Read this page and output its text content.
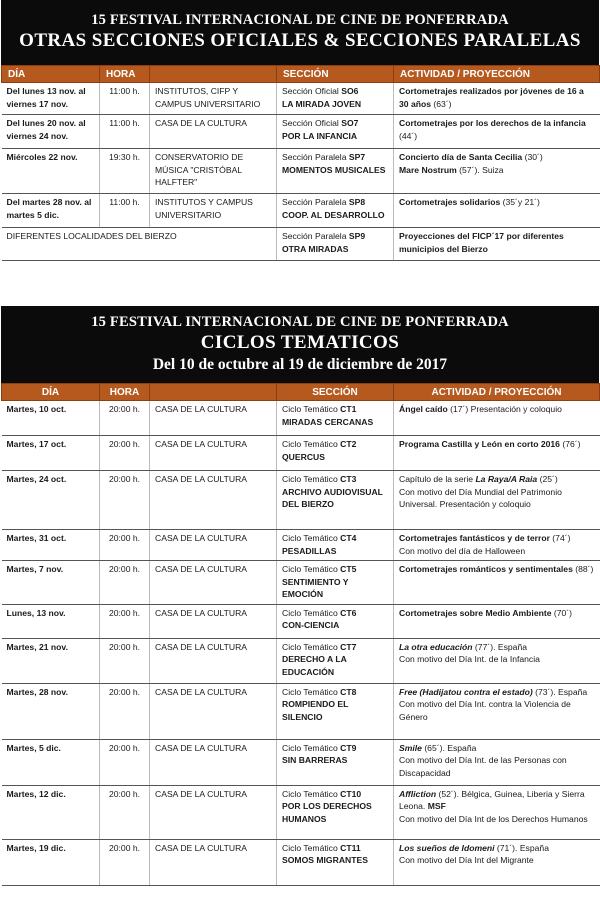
15 FESTIVAL INTERNACIONAL DE CINE DE PONFERRADA
OTRAS SECCIONES OFICIALES & SECCIONES PARALELAS
DÍA	HORA		SECCIÓN	ACTIVIDAD / PROYECCIÓN
Del lunes 13 nov. al viernes 17 nov.	11:00 h.	INSTITUTOS, CIFP Y CAMPUS UNIVERSITARIO	Sección Oficial SO6
LA MIRADA JOVEN	Cortometrajes realizados por jóvenes de 16 a 30 años (63´)

Del lunes 20 nov. al viernes 24 nov.	11:00 h.	CASA DE LA CULTURA	Sección Oficial SO7
POR LA INFANCIA	Cortometrajes por los derechos de la infancia (44´)

Miércoles 22 nov.	19:30 h.	CONSERVATORIO DE MÚSICA "CRISTÓBAL HALFTER"	Sección Paralela SP7
MOMENTOS MUSICALES	Concierto día de Santa Cecilia (30´)
Mare Nostrum (57´). Suiza

Del martes 28 nov. al martes 5 dic.	11:00 h.	INSTITUTOS Y CAMPUS UNIVERSITARIO	Sección Paralela SP8
COOP. AL DESARROLLO	Cortometrajes solidarios (35´y 21´)

DIFERENTES LOCALIDADES DEL BIERZO			Sección Paralela SP9
OTRA MIRADAS	Proyecciones del FICP´17 por diferentes municipios del Bierzo
15 FESTIVAL INTERNACIONAL DE CINE DE PONFERRADA
CICLOS TEMATICOS
Del 10 de octubre al 19 de diciembre de 2017
DÍA	HORA		SECCIÓN	ACTIVIDAD / PROYECCIÓN
Martes, 10 oct.	20:00 h.	CASA DE LA CULTURA	Ciclo Temático CT1
MIRADAS CERCANAS	Ángel caído (17´) Presentación y coloquio

Martes, 17 oct.	20:00 h.	CASA DE LA CULTURA	Ciclo Temático CT2
QUERCUS	Programa Castilla y León en corto 2016 (76´)

Martes, 24 oct.	20:00 h.	CASA DE LA CULTURA	Ciclo Temático CT3
ARCHIVO AUDIOVISUAL DEL BIERZO	Capítulo de la serie La Raya/A Raia (25´)
Con motivo del Día Mundial del Patrimonio Universal. Presentación y coloquio

Martes, 31 oct.	20:00 h.	CASA DE LA CULTURA	Ciclo Temático CT4
PESADILLAS	Cortometrajes fantásticos y de terror (74´)
Con motivo del día de Halloween

Martes, 7 nov.	20:00 h.	CASA DE LA CULTURA	Ciclo Temático CT5
SENTIMIENTO Y EMOCIÓN	Cortometrajes románticos y sentimentales (88´)

Lunes, 13 nov.	20:00 h.	CASA DE LA CULTURA	Ciclo Temático CT6
CON-CIENCIA	Cortometrajes sobre Medio Ambiente (70´)

Martes, 21 nov.	20:00 h.	CASA DE LA CULTURA	Ciclo Temático CT7
DERECHO A LA EDUCACIÓN	La otra educación (77´). España
Con motivo del Día Int. de la Infancia

Martes, 28 nov.	20:00 h.	CASA DE LA CULTURA	Ciclo Temático CT8
ROMPIENDO EL SILENCIO	Free (Hadijatou contra el estado) (73´). España
Con motivo del Día Int. contra la Violencia de Género

Martes, 5 dic.	20:00 h.	CASA DE LA CULTURA	Ciclo Temático CT9
SIN BARRERAS	Smile (65´). España
Con motivo del Día Int. de las Personas con Discapacidad

Martes, 12 dic.	20:00 h.	CASA DE LA CULTURA	Ciclo Temático CT10
POR LOS DERECHOS HUMANOS	Affliction (52´). Bélgica, Guinea, Liberia y Sierra Leona. MSF
Con motivo del Día Int de los Derechos Humanos

Martes, 19 dic.	20:00 h.	CASA DE LA CULTURA	Ciclo Temático CT11
SOMOS MIGRANTES	Los sueños de Idomeni (71´). España
Con motivo del Día Int del Migrante
